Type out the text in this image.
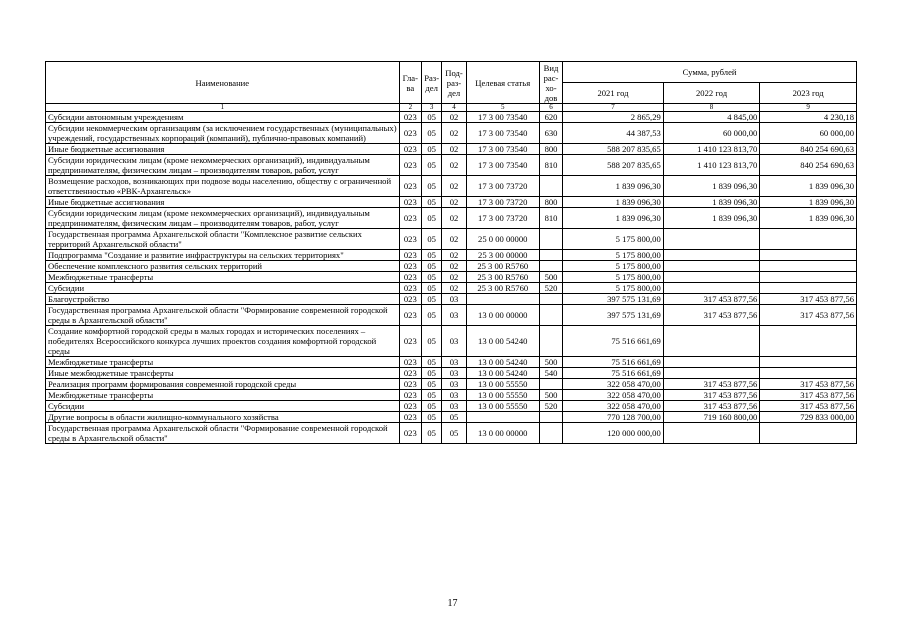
Наименование	Гла-ва	Раз-дел	Под-раз-дел	Целевая статья	Вид рас-хо-дов	Сумма, рублей		
						2021 год	2022 год	2023 год
1	2	3	4	5	6	7	8	9
Субсидии автономным учреждениям	023	05	02	17 3 00 73540	620	2 865,29	4 845,00	4 230,18
Субсидии некоммерческим организациям (за исключением государственных (муниципальных) учреждений, государственных корпораций (компаний), публично-правовых компаний)	023	05	02	17 3 00 73540	630	44 387,53	60 000,00	60 000,00
Иные бюджетные ассигнования	023	05	02	17 3 00 73540	800	588 207 835,65	1 410 123 813,70	840 254 690,63
Субсидии юридическим лицам (кроме некоммерческих организаций), индивидуальным предпринимателям, физическим лицам – производителям товаров, работ, услуг	023	05	02	17 3 00 73540	810	588 207 835,65	1 410 123 813,70	840 254 690,63
Возмещение расходов, возникающих при подвозе воды населению, обществу с ограниченной ответственностью «РВК-Архангельск»	023	05	02	17 3 00 73720		1 839 096,30	1 839 096,30	1 839 096,30
Иные бюджетные ассигнования	023	05	02	17 3 00 73720	800	1 839 096,30	1 839 096,30	1 839 096,30
Субсидии юридическим лицам (кроме некоммерческих организаций), индивидуальным предпринимателям, физическим лицам – производителям товаров, работ, услуг	023	05	02	17 3 00 73720	810	1 839 096,30	1 839 096,30	1 839 096,30
Государственная программа Архангельской области "Комплексное развитие сельских территорий Архангельской области"	023	05	02	25 0 00 00000		5 175 800,00		
Подпрограмма "Создание и развитие инфраструктуры на сельских территориях"	023	05	02	25 3 00 00000		5 175 800,00		
Обеспечение комплексного развития сельских территорий	023	05	02	25 3 00 R5760		5 175 800,00		
Межбюджетные трансферты	023	05	02	25 3 00 R5760	500	5 175 800,00		
Субсидии	023	05	02	25 3 00 R5760	520	5 175 800,00		
Благоустройство	023	05	03			397 575 131,69	317 453 877,56	317 453 877,56
Государственная программа Архангельской области "Формирование современной городской среды в Архангельской области"	023	05	03	13 0 00 00000		397 575 131,69	317 453 877,56	317 453 877,56
Создание комфортной городской среды в малых городах и исторических поселениях – победителях Всероссийского конкурса лучших проектов создания комфортной городской среды	023	05	03	13 0 00 54240		75 516 661,69		
Межбюджетные трансферты	023	05	03	13 0 00 54240	500	75 516 661,69		
Иные межбюджетные трансферты	023	05	03	13 0 00 54240	540	75 516 661,69		
Реализация программ формирования современной городской среды	023	05	03	13 0 00 55550		322 058 470,00	317 453 877,56	317 453 877,56
Межбюджетные трансферты	023	05	03	13 0 00 55550	500	322 058 470,00	317 453 877,56	317 453 877,56
Субсидии	023	05	03	13 0 00 55550	520	322 058 470,00	317 453 877,56	317 453 877,56
Другие вопросы в области жилищно-коммунального хозяйства	023	05	05			770 128 700,00	719 160 800,00	729 833 000,00
Государственная программа Архангельской области "Формирование современной городской среды в Архангельской области"	023	05	05	13 0 00 00000		120 000 000,00		
17
